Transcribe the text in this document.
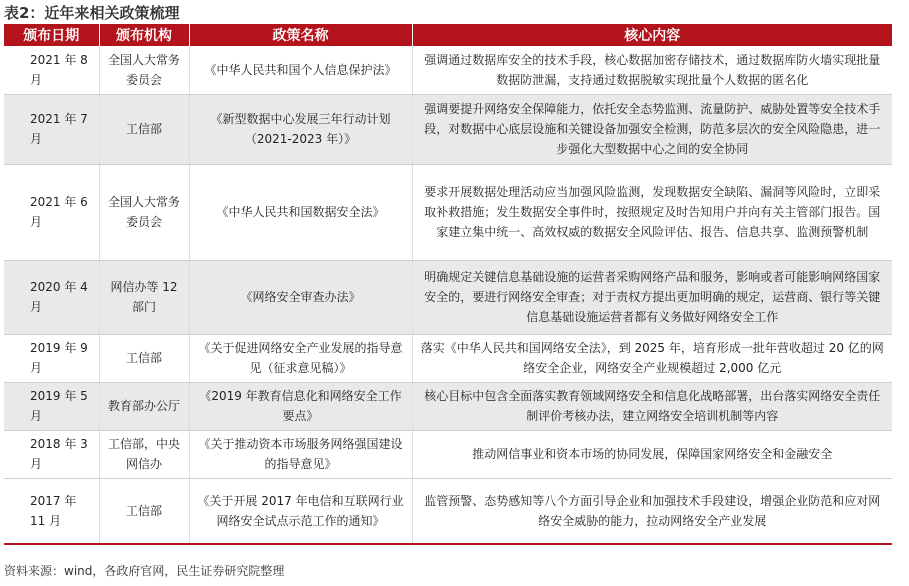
表2：近年来相关政策梳理
颁布日期	颁布机构	政策名称	核心内容
2021 年 8 月	全国人大常务委员会	《中华人民共和国个人信息保护法》	强调通过数据库安全的技术手段，核心数据加密存储技术，通过数据库防火墙实现批量数据防泄漏，支持通过数据脱敏实现批量个人数据的匿名化
2021 年 7 月	工信部	《新型数据中心发展三年行动计划（2021-2023 年）》	强调要提升网络安全保障能力，依托安全态势监测、流量防护、威胁处置等安全技术手段，对数据中心底层设施和关键设备加强安全检测，防范多层次的安全风险隐患，进一步强化大型数据中心之间的安全协同
2021 年 6 月	全国人大常务委员会	《中华人民共和国数据安全法》	要求开展数据处理活动应当加强风险监测，发现数据安全缺陷、漏洞等风险时，立即采取补救措施；发生数据安全事件时，按照规定及时告知用户并向有关主管部门报告。国家建立集中统一、高效权威的数据安全风险评估、报告、信息共享、监测预警机制
2020 年 4 月	网信办等 12 部门	《网络安全审查办法》	明确规定关键信息基础设施的运营者采购网络产品和服务，影响或者可能影响网络国家安全的，要进行网络安全审查；对于责权方提出更加明确的规定，运营商、银行等关键信息基础设施运营者都有义务做好网络安全工作
2019 年 9 月	工信部	《关于促进网络安全产业发展的指导意见（征求意见稿）》	落实《中华人民共和国网络安全法》，到 2025 年，培育形成一批年营收超过 20 亿的网络安全企业，网络安全产业规模超过 2,000 亿元
2019 年 5 月	教育部办公厅	《2019 年教育信息化和网络安全工作要点》	核心目标中包含全面落实教育领域网络安全和信息化战略部署，出台落实网络安全责任制评价考核办法，建立网络安全培训机制等内容
2018 年 3 月	工信部，中央网信办	《关于推动资本市场服务网络强国建设的指导意见》	推动网信事业和资本市场的协同发展，保障国家网络安全和金融安全
2017 年 11 月	工信部	《关于开展 2017 年电信和互联网行业网络安全试点示范工作的通知》	监管预警、态势感知等八个方面引导企业和加强技术手段建设，增强企业防范和应对网络安全威胁的能力，拉动网络安全产业发展
资料来源：wind，各政府官网，民生证券研究院整理
